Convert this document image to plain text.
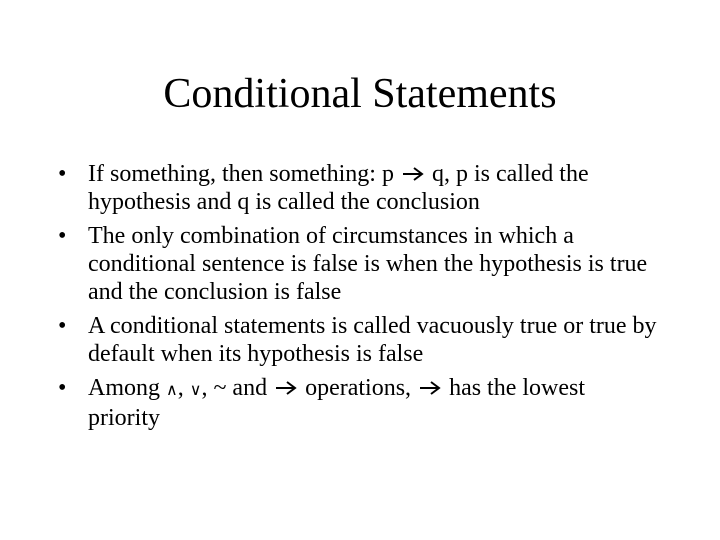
Conditional Statements
• If something, then something: p  q, p is called the hypothesis and q is called the conclusion
• The only combination of circumstances in which a conditional sentence is false is when the hypothesis is true and the conclusion is false
• A conditional statements is called vacuously true or true by default when its hypothesis is false
• Among ∧, ∨, ~ and  operations,  has the lowest priority
